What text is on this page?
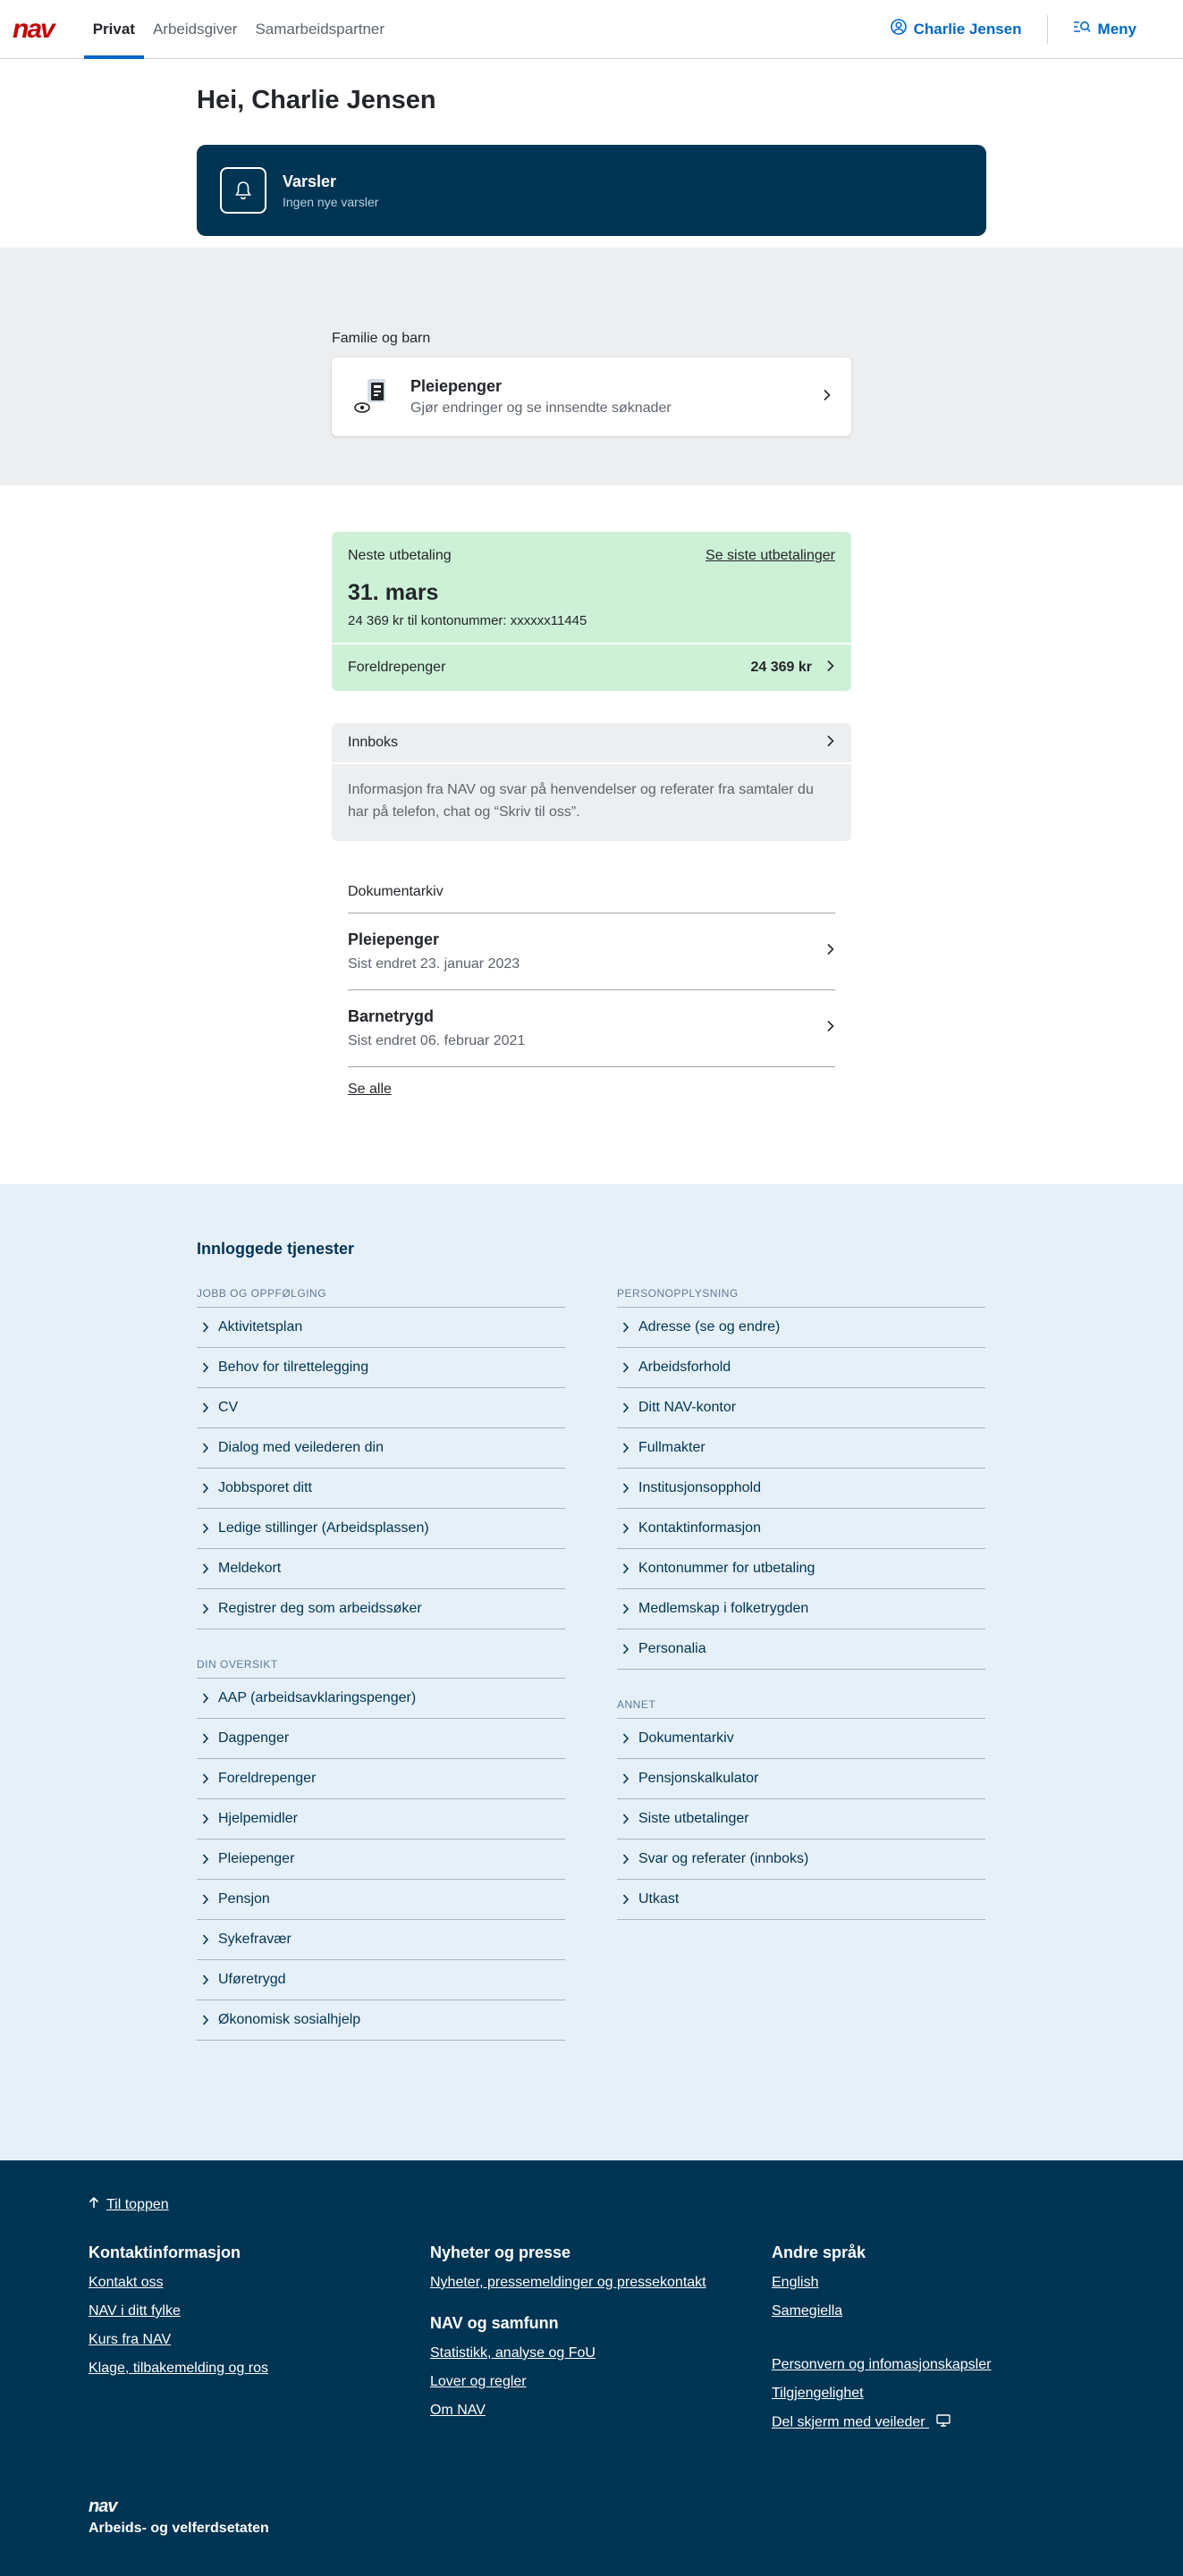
nav	Privat	Arbeidsgiver	Samarbeidspartner	Charlie Jensen	Meny
Hei, Charlie Jensen
Varsler
Ingen nye varsler
Familie og barn
Pleiepenger
Gjør endringer og se innsendte søknader
Neste utbetaling	Se siste utbetalinger
31. mars
24 369 kr til kontonummer: xxxxxx11445
Foreldrepenger	24 369 kr
Innboks
Informasjon fra NAV og svar på henvendelser og referater fra samtaler du har på telefon, chat og “Skriv til oss”.
Dokumentarkiv
Pleiepenger
Sist endret 23. januar 2023
Barnetrygd
Sist endret 06. februar 2021
Se alle
Innloggede tjenester
JOBB OG OPPFØLGING
Aktivitetsplan
Behov for tilrettelegging
CV
Dialog med veilederen din
Jobbsporet ditt
Ledige stillinger (Arbeidsplassen)
Meldekort
Registrer deg som arbeidssøker
DIN OVERSIKT
AAP (arbeidsavklaringspenger)
Dagpenger
Foreldrepenger
Hjelpemidler
Pleiepenger
Pensjon
Sykefravær
Uføretrygd
Økonomisk sosialhjelp
PERSONOPPLYSNING
Adresse (se og endre)
Arbeidsforhold
Ditt NAV-kontor
Fullmakter
Institusjonsopphold
Kontaktinformasjon
Kontonummer for utbetaling
Medlemskap i folketrygden
Personalia
ANNET
Dokumentarkiv
Pensjonskalkulator
Siste utbetalinger
Svar og referater (innboks)
Utkast
Til toppen
Kontaktinformasjon
Kontakt oss
NAV i ditt fylke
Kurs fra NAV
Klage, tilbakemelding og ros
Nyheter og presse
Nyheter, pressemeldinger og pressekontakt
NAV og samfunn
Statistikk, analyse og FoU
Lover og regler
Om NAV
Andre språk
English
Samegiella
Personvern og infomasjonskapsler
Tilgjengelighet
Del skjerm med veileder
nav
Arbeids- og velferdsetaten
